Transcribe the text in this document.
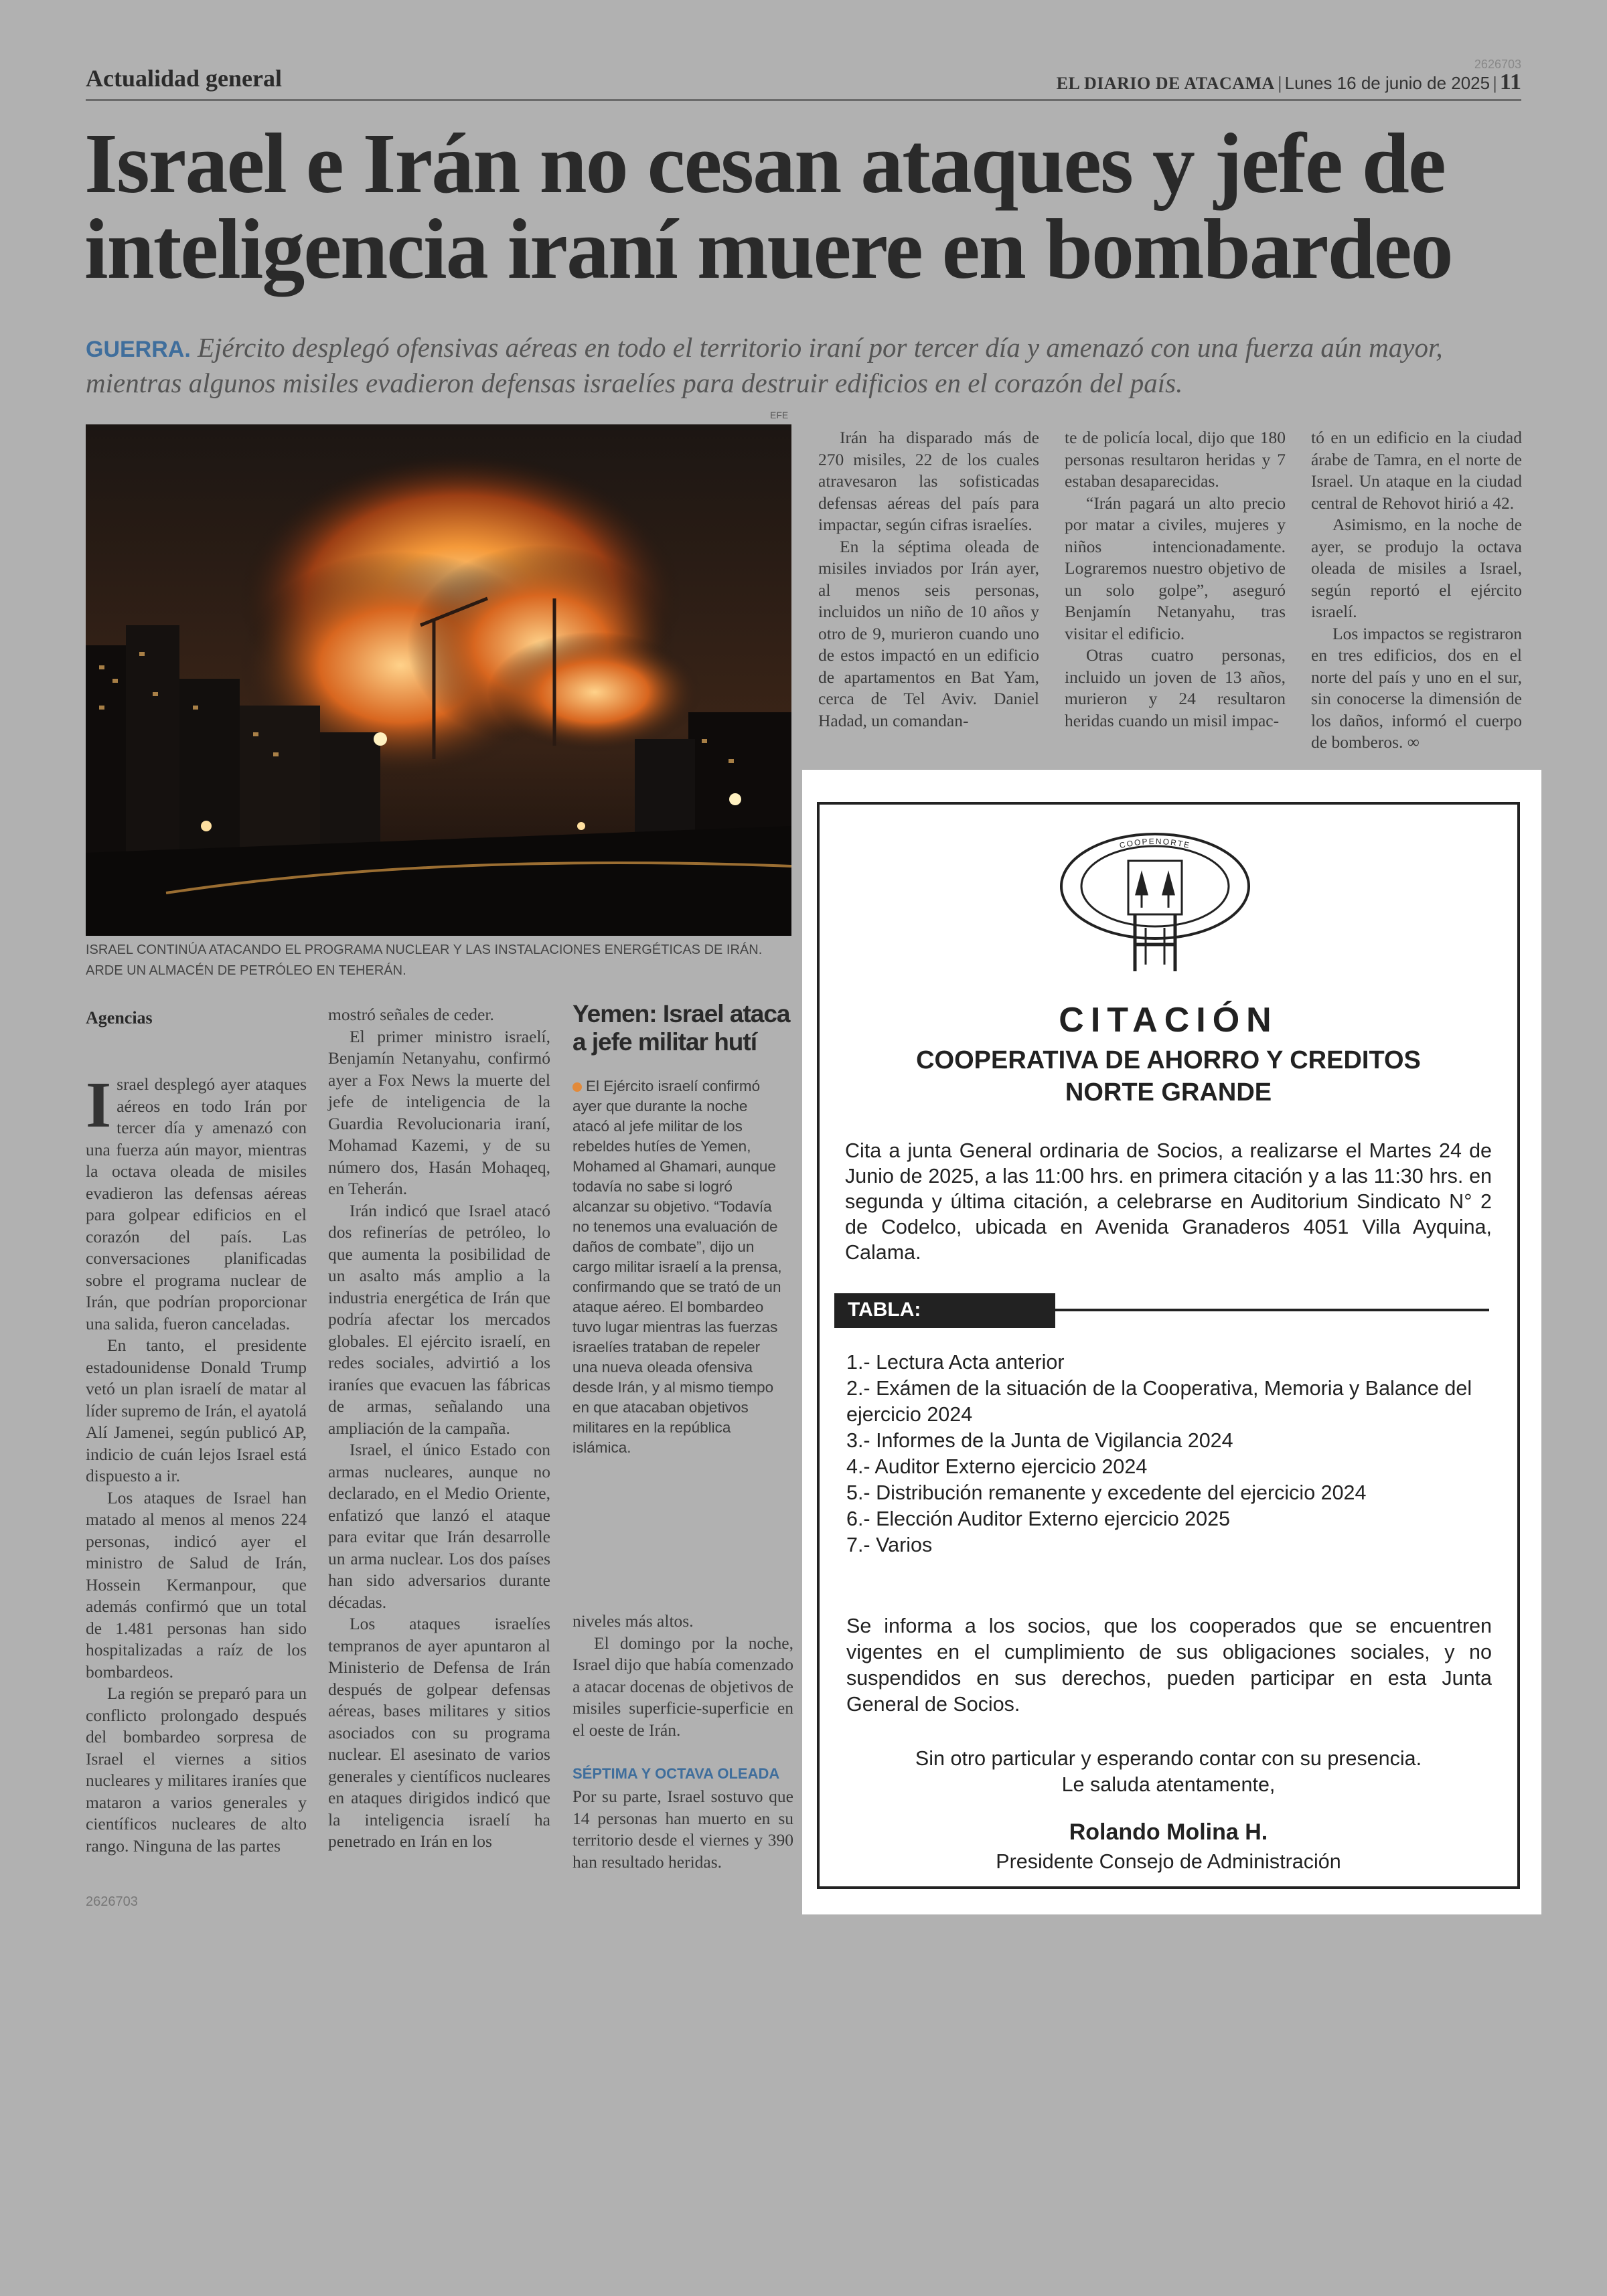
Actualidad general
2626703
EL DIARIO DE ATACAMA | Lunes 16 de junio de 2025 | 11
Israel e Irán no cesan ataques y jefe de inteligencia iraní muere en bombardeo
GUERRA. Ejército desplegó ofensivas aéreas en todo el territorio iraní por tercer día y amenazó con una fuerza aún mayor, mientras algunos misiles evadieron defensas israelíes para destruir edificios en el corazón del país.
EFE
ISRAEL CONTINÚA ATACANDO EL PROGRAMA NUCLEAR Y LAS INSTALACIONES ENERGÉTICAS DE IRÁN. ARDE UN ALMACÉN DE PETRÓLEO EN TEHERÁN.
Agencias

Israel desplegó ayer ataques aéreos en todo Irán por tercer día y amenazó con una fuerza aún mayor, mientras la octava oleada de misiles evadieron las defensas aéreas para golpear edificios en el corazón del país. Las conversaciones planificadas sobre el programa nuclear de Irán, que podrían proporcionar una salida, fueron canceladas.

En tanto, el presidente estadounidense Donald Trump vetó un plan israelí de matar al líder supremo de Irán, el ayatolá Alí Jamenei, según publicó AP, indicio de cuán lejos Israel está dispuesto a ir.

Los ataques de Israel han matado al menos al menos 224 personas, indicó ayer el ministro de Salud de Irán, Hossein Kermanpour, que además confirmó que un total de 1.481 personas han sido hospitalizadas a raíz de los bombardeos.

La región se preparó para un conflicto prolongado después del bombardeo sorpresa de Israel el viernes a sitios nucleares y militares iraníes que mataron a varios generales y científicos nucleares de alto rango. Ninguna de las partes

mostró señales de ceder.

El primer ministro israelí, Benjamín Netanyahu, confirmó ayer a Fox News la muerte del jefe de inteligencia de la Guardia Revolucionaria iraní, Mohamad Kazemi, y de su número dos, Hasán Mohaqeq, en Teherán.

Irán indicó que Israel atacó dos refinerías de petróleo, lo que aumenta la posibilidad de un asalto más amplio a la industria energética de Irán que podría afectar los mercados globales. El ejército israelí, en redes sociales, advirtió a los iraníes que evacuen las fábricas de armas, señalando una ampliación de la campaña.

Israel, el único Estado con armas nucleares, aunque no declarado, en el Medio Oriente, enfatizó que lanzó el ataque para evitar que Irán desarrolle un arma nuclear. Los dos países han sido adversarios durante décadas.

Los ataques israelíes tempranos de ayer apuntaron al Ministerio de Defensa de Irán después de golpear defensas aéreas, bases militares y sitios asociados con su programa nuclear. El asesinato de varios generales y científicos nucleares en ataques dirigidos indicó que la inteligencia israelí ha penetrado en Irán en los

Yemen: Israel ataca a jefe militar hutí
El Ejército israelí confirmó ayer que durante la noche atacó al jefe militar de los rebeldes hutíes de Yemen, Mohamed al Ghamari, aunque todavía no sabe si logró alcanzar su objetivo. “Todavía no tenemos una evaluación de daños de combate”, dijo un cargo militar israelí a la prensa, confirmando que se trató de un ataque aéreo. El bombardeo tuvo lugar mientras las fuerzas israelíes trataban de repeler una nueva oleada ofensiva desde Irán, y al mismo tiempo en que atacaban objetivos militares en la república islámica.

niveles más altos.

El domingo por la noche, Israel dijo que había comenzado a atacar docenas de objetivos de misiles superficie-superficie en el oeste de Irán.

SÉPTIMA Y OCTAVA OLEADA

Por su parte, Israel sostuvo que 14 personas han muerto en su territorio desde el viernes y 390 han resultado heridas.

Irán ha disparado más de 270 misiles, 22 de los cuales atravesaron las sofisticadas defensas aéreas del país para impactar, según cifras israelíes.

En la séptima oleada de misiles inviados por Irán ayer, al menos seis personas, incluidos un niño de 10 años y otro de 9, murieron cuando uno de estos impactó en un edificio de apartamentos en Bat Yam, cerca de Tel Aviv. Daniel Hadad, un comandan-

te de policía local, dijo que 180 personas resultaron heridas y 7 estaban desaparecidas.

“Irán pagará un alto precio por matar a civiles, mujeres y niños intencionadamente. Lograremos nuestro objetivo de un solo golpe”, aseguró Benjamín Netanyahu, tras visitar el edificio.

Otras cuatro personas, incluido un joven de 13 años, murieron y 24 resultaron heridas cuando un misil impac-

tó en un edificio en la ciudad árabe de Tamra, en el norte de Israel. Un ataque en la ciudad central de Rehovot hirió a 42.

Asimismo, en la noche de ayer, se produjo la octava oleada de misiles a Israel, según reportó el ejército israelí.

Los impactos se registraron en tres edificios, dos en el norte del país y uno en el sur, sin conocerse la dimensión de los daños, informó el cuerpo de bomberos. ∞

2626703
COOPENORTE
CITACIÓN
COOPERATIVA DE AHORRO Y CREDITOS NORTE GRANDE
Cita a junta General ordinaria de Socios, a realizarse el Martes 24 de Junio de 2025, a las 11:00 hrs. en primera citación y a las 11:30 hrs. en segunda y última citación, a celebrarse en Auditorium Sindicato N° 2 de Codelco, ubicada en Avenida Granaderos 4051 Villa Ayquina, Calama.
TABLA:
1.- Lectura Acta anterior
2.- Exámen de la situación de la Cooperativa, Memoria y Balance del ejercicio 2024
3.- Informes de la Junta de Vigilancia 2024
4.- Auditor Externo ejercicio 2024
5.- Distribución remanente y excedente del ejercicio 2024
6.- Elección Auditor Externo ejercicio 2025
7.- Varios
Se informa a los socios, que los cooperados que se encuentren vigentes en el cumplimiento de sus obligaciones sociales, y no suspendidos en sus derechos, pueden participar en esta Junta General de Socios.
Sin otro particular y esperando contar con su presencia.
Le saluda atentamente,
Rolando Molina H.
Presidente Consejo de Administración
